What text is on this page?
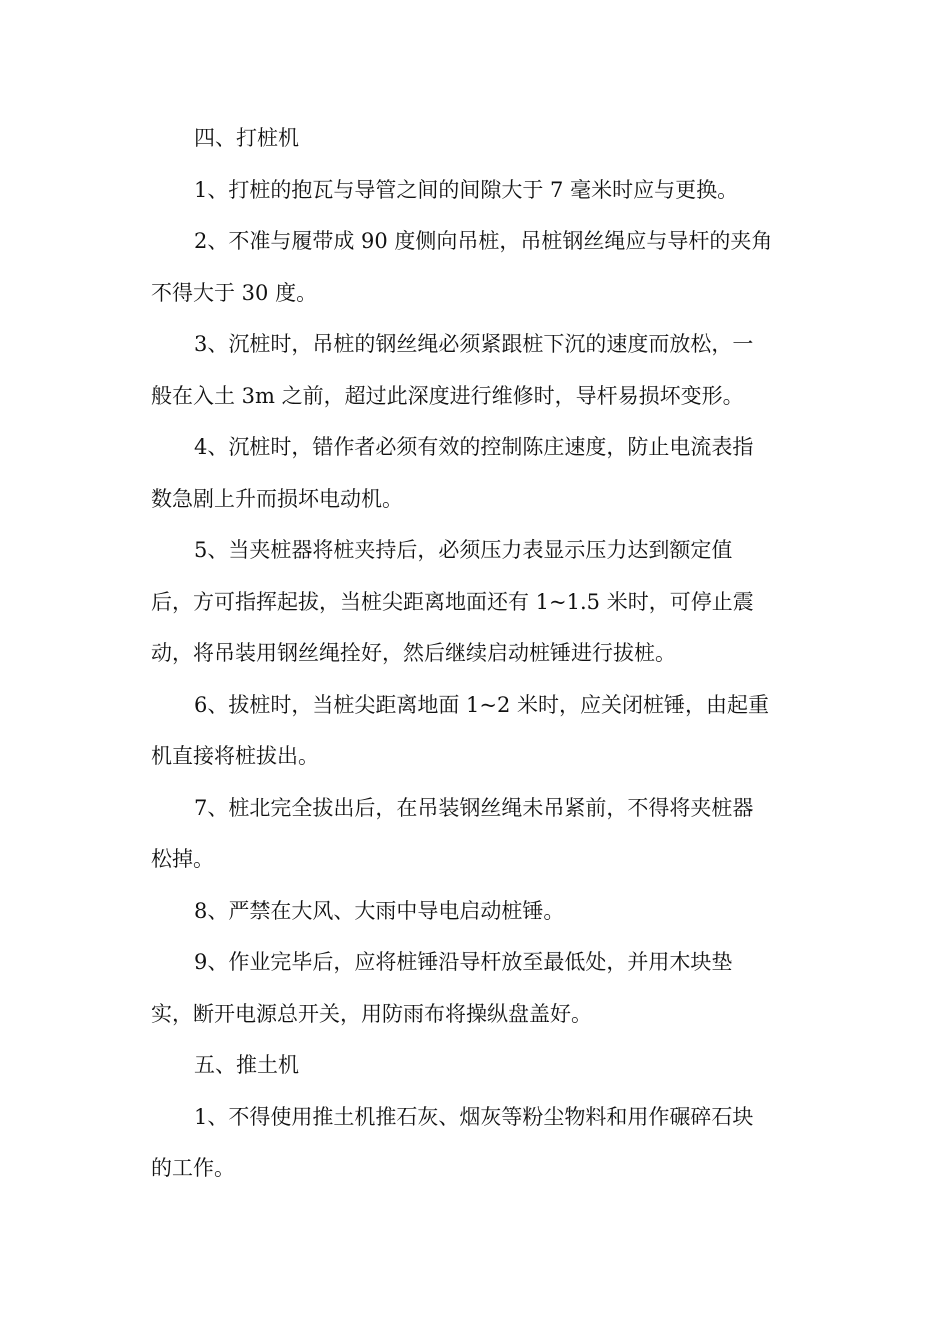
四、打桩机
1、打桩的抱瓦与导管之间的间隙大于 7 毫米时应与更换。
2、不准与履带成 90 度侧向吊桩，吊桩钢丝绳应与导杆的夹角
不得大于 30 度。
3、沉桩时，吊桩的钢丝绳必须紧跟桩下沉的速度而放松，一
般在入土 3m 之前，超过此深度进行维修时，导杆易损坏变形。
4、沉桩时，错作者必须有效的控制陈庄速度，防止电流表指
数急剧上升而损坏电动机。
5、当夹桩器将桩夹持后，必须压力表显示压力达到额定值
后，方可指挥起拔，当桩尖距离地面还有 1~1.5 米时，可停止震
动，将吊装用钢丝绳拴好，然后继续启动桩锤进行拔桩。
6、拔桩时，当桩尖距离地面 1~2 米时，应关闭桩锤，由起重
机直接将桩拔出。
7、桩北完全拔出后，在吊装钢丝绳未吊紧前，不得将夹桩器
松掉。
8、严禁在大风、大雨中导电启动桩锤。
9、作业完毕后，应将桩锤沿导杆放至最低处，并用木块垫
实，断开电源总开关，用防雨布将操纵盘盖好。
五、推土机
1、不得使用推土机推石灰、烟灰等粉尘物料和用作碾碎石块
的工作。
